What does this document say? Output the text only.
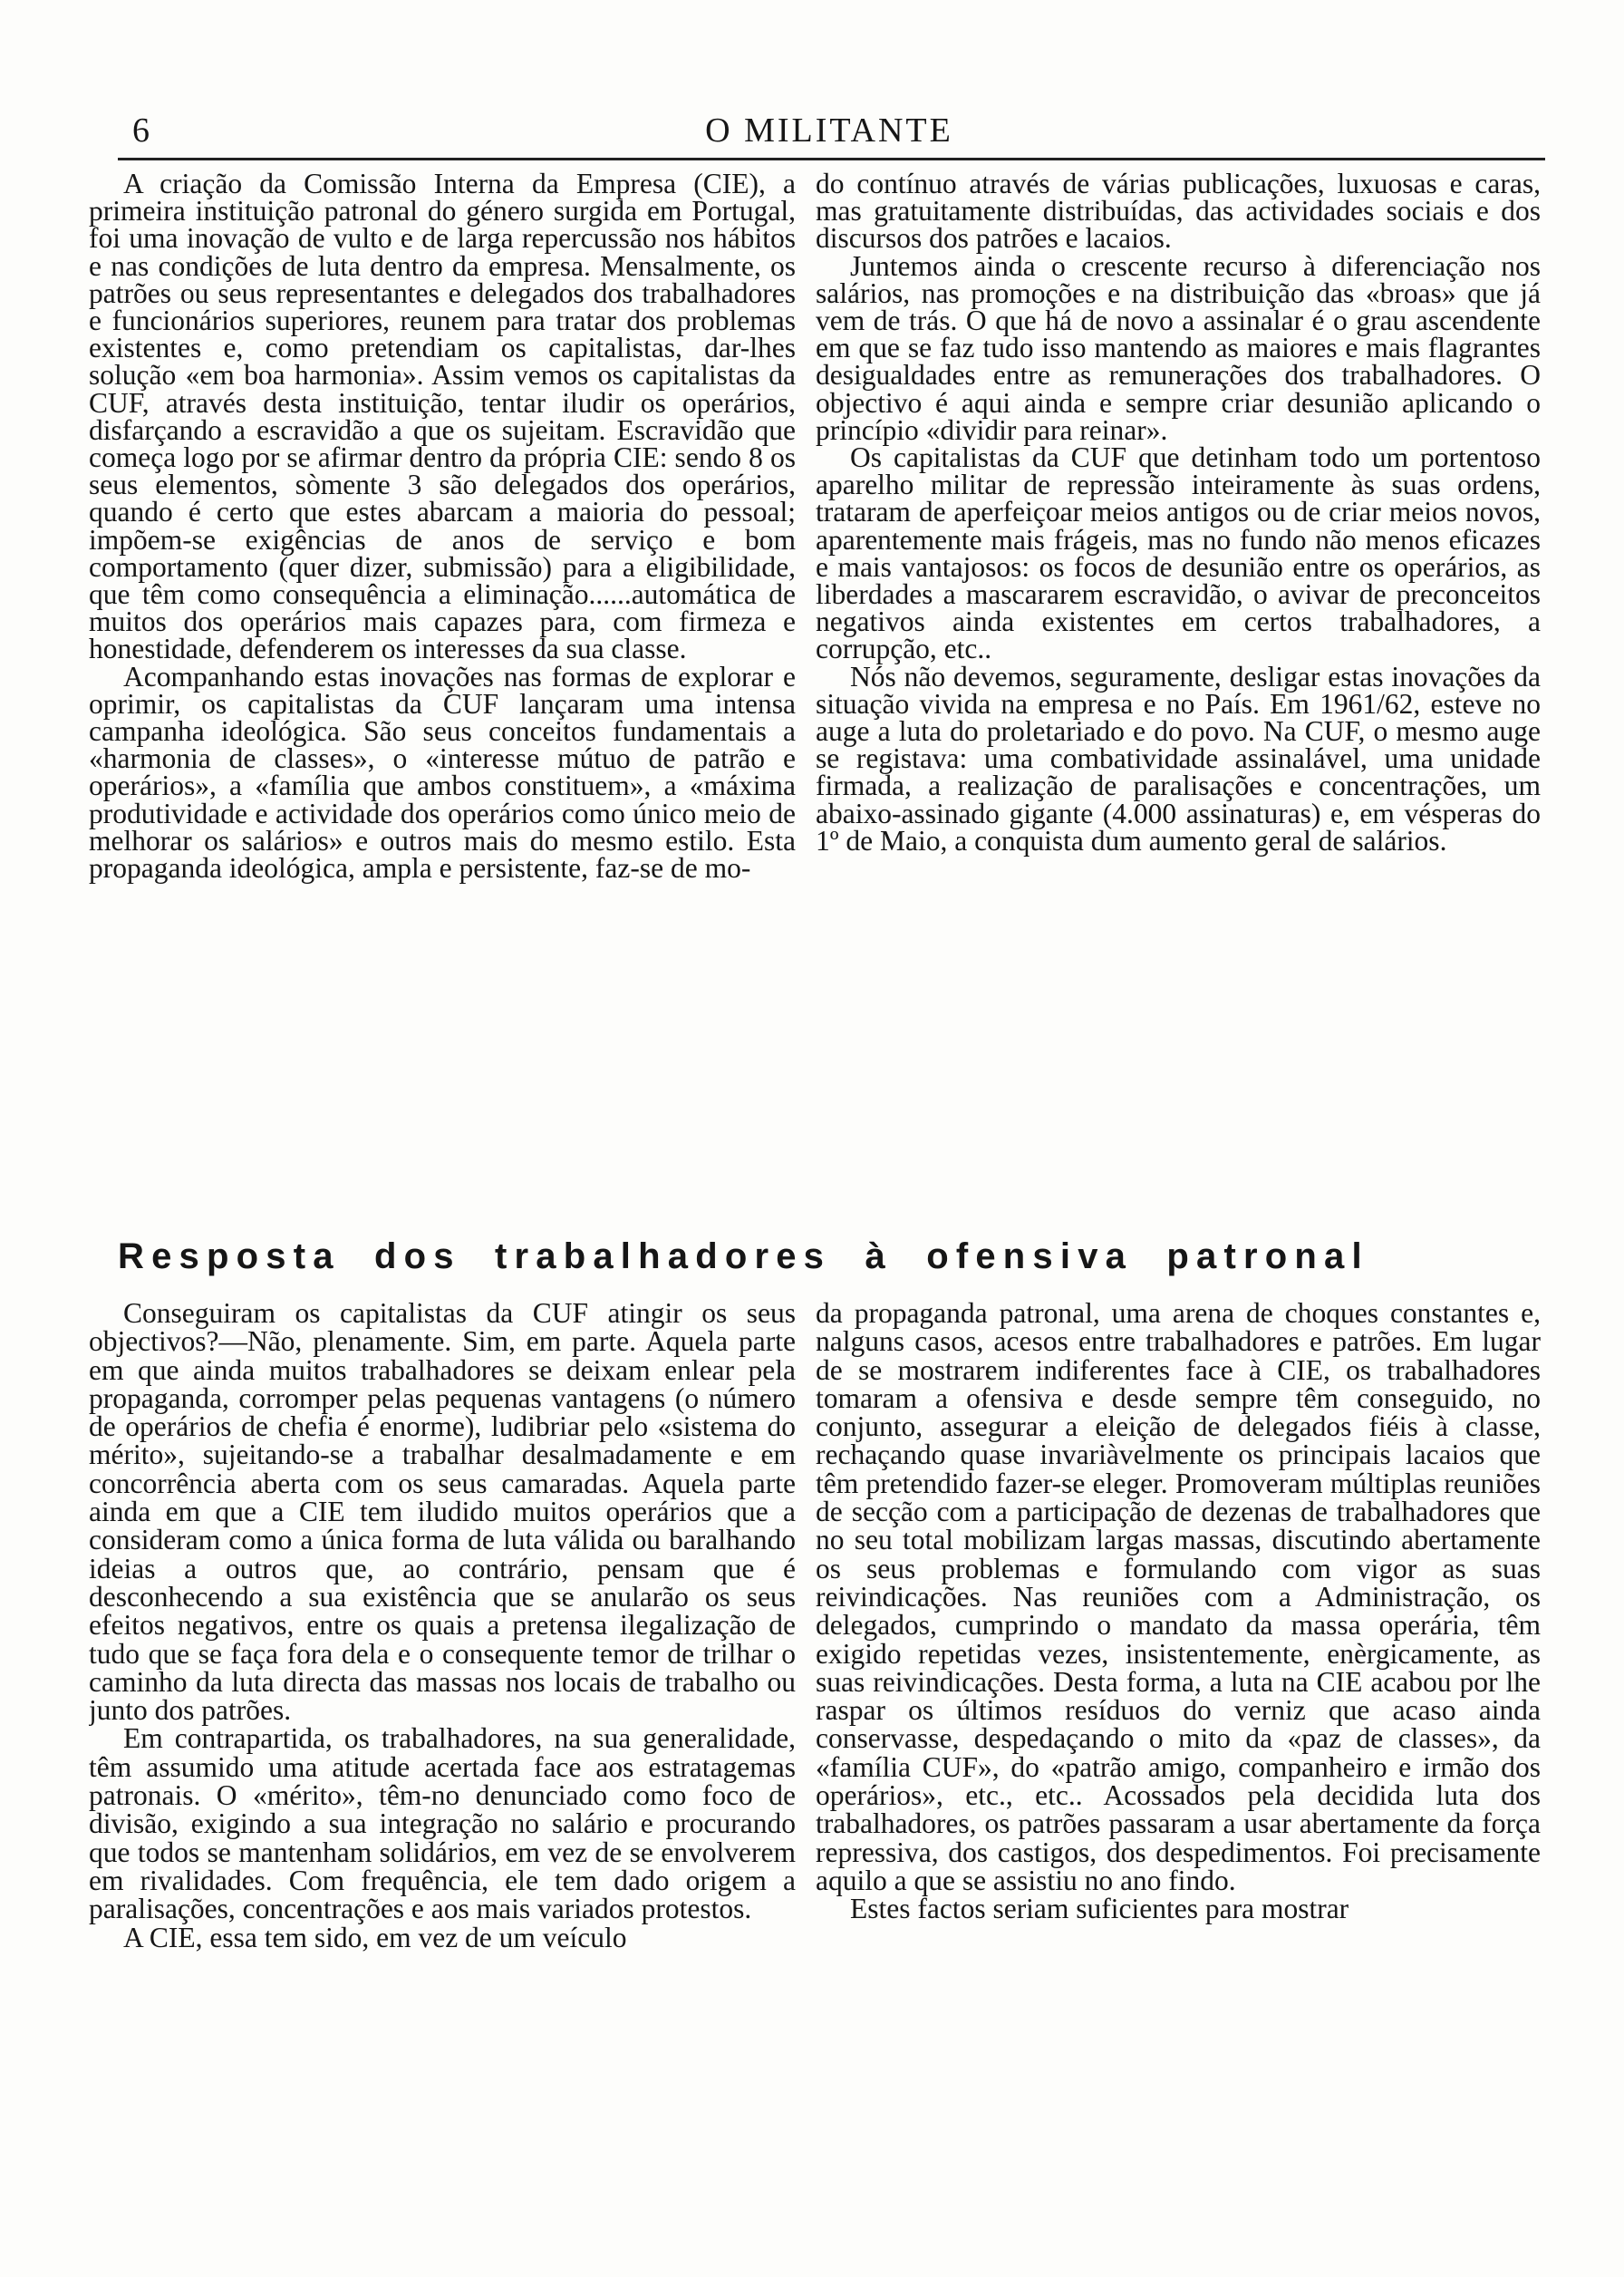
6	O MILITANTE

A criação da Comissão Interna da Empresa (CIE), a primeira instituição patronal do género surgida em Portugal, foi uma inovação de vulto e de larga repercussão nos hábitos e nas condições de luta dentro da empresa. Mensalmente, os patrões ou seus representantes e delegados dos trabalhadores e funcionários superiores, reunem para tratar dos problemas existentes e, como pretendiam os capitalistas, dar-lhes solução «em boa harmonia». Assim vemos os capitalistas da CUF, através desta instituição, tentar iludir os operários, disfarçando a escravidão a que os sujeitam. Escravidão que começa logo por se afirmar dentro da própria CIE: sendo 8 os seus elementos, sòmente 3 são delegados dos operários, quando é certo que estes abarcam a maioria do pessoal; impõem-se exigências de anos de serviço e bom comportamento (quer dizer, submissão) para a eligibilidade, que têm como consequência a eliminação......automática de muitos dos operários mais capazes para, com firmeza e honestidade, defenderem os interesses da sua classe.

Acompanhando estas inovações nas formas de explorar e oprimir, os capitalistas da CUF lançaram uma intensa campanha ideológica. São seus conceitos fundamentais a «harmonia de classes», o «interesse mútuo de patrão e operários», a «família que ambos constituem», a «máxima produtividade e actividade dos operários como único meio de melhorar os salários» e outros mais do mesmo estilo. Esta propaganda ideológica, ampla e persistente, faz-se de mo-

do contínuo através de várias publicações, luxuosas e caras, mas gratuitamente distribuídas, das actividades sociais e dos discursos dos patrões e lacaios.

Juntemos ainda o crescente recurso à diferenciação nos salários, nas promoções e na distribuição das «broas» que já vem de trás. O que há de novo a assinalar é o grau ascendente em que se faz tudo isso mantendo as maiores e mais flagrantes desigualdades entre as remunerações dos trabalhadores. O objectivo é aqui ainda e sempre criar desunião aplicando o princípio «dividir para reinar».

Os capitalistas da CUF que detinham todo um portentoso aparelho militar de repressão inteiramente às suas ordens, trataram de aperfeiçoar meios antigos ou de criar meios novos, aparentemente mais frágeis, mas no fundo não menos eficazes e mais vantajosos: os focos de desunião entre os operários, as liberdades a mascararem escravidão, o avivar de preconceitos negativos ainda existentes em certos trabalhadores, a corrupção, etc..

Nós não devemos, seguramente, desligar estas inovações da situação vivida na empresa e no País. Em 1961/62, esteve no auge a luta do proletariado e do povo. Na CUF, o mesmo auge se registava: uma combatividade assinalável, uma unidade firmada, a realização de paralisações e concentrações, um abaixo-assinado gigante (4.000 assinaturas) e, em vésperas do 1º de Maio, a conquista dum aumento geral de salários.

Resposta dos trabalhadores à ofensiva patronal

Conseguiram os capitalistas da CUF atingir os seus objectivos?—Não, plenamente. Sim, em parte. Aquela parte em que ainda muitos trabalhadores se deixam enlear pela propaganda, corromper pelas pequenas vantagens (o número de operários de chefia é enorme), ludibriar pelo «sistema do mérito», sujeitando-se a trabalhar desalmadamente e em concorrência aberta com os seus camaradas. Aquela parte ainda em que a CIE tem iludido muitos operários que a consideram como a única forma de luta válida ou baralhando ideias a outros que, ao contrário, pensam que é desconhecendo a sua existência que se anularão os seus efeitos negativos, entre os quais a pretensa ilegalização de tudo que se faça fora dela e o consequente temor de trilhar o caminho da luta directa das massas nos locais de trabalho ou junto dos patrões.

Em contrapartida, os trabalhadores, na sua generalidade, têm assumido uma atitude acertada face aos estratagemas patronais. O «mérito», têm-no denunciado como foco de divisão, exigindo a sua integração no salário e procurando que todos se mantenham solidários, em vez de se envolverem em rivalidades. Com frequência, ele tem dado origem a paralisações, concentrações e aos mais variados protestos.

A CIE, essa tem sido, em vez de um veículo

da propaganda patronal, uma arena de choques constantes e, nalguns casos, acesos entre trabalhadores e patrões. Em lugar de se mostrarem indiferentes face à CIE, os trabalhadores tomaram a ofensiva e desde sempre têm conseguido, no conjunto, assegurar a eleição de delegados fiéis à classe, rechaçando quase invariàvelmente os principais lacaios que têm pretendido fazer-se eleger. Promoveram múltiplas reuniões de secção com a participação de dezenas de trabalhadores que no seu total mobilizam largas massas, discutindo abertamente os seus problemas e formulando com vigor as suas reivindicações. Nas reuniões com a Administração, os delegados, cumprindo o mandato da massa operária, têm exigido repetidas vezes, insistentemente, enèrgicamente, as suas reivindicações. Desta forma, a luta na CIE acabou por lhe raspar os últimos resíduos do verniz que acaso ainda conservasse, despedaçando o mito da «paz de classes», da «família CUF», do «patrão amigo, companheiro e irmão dos operários», etc., etc.. Acossados pela decidida luta dos trabalhadores, os patrões passaram a usar abertamente da força repressiva, dos castigos, dos despedimentos. Foi precisamente aquilo a que se assistiu no ano findo.

Estes factos seriam suficientes para mostrar
